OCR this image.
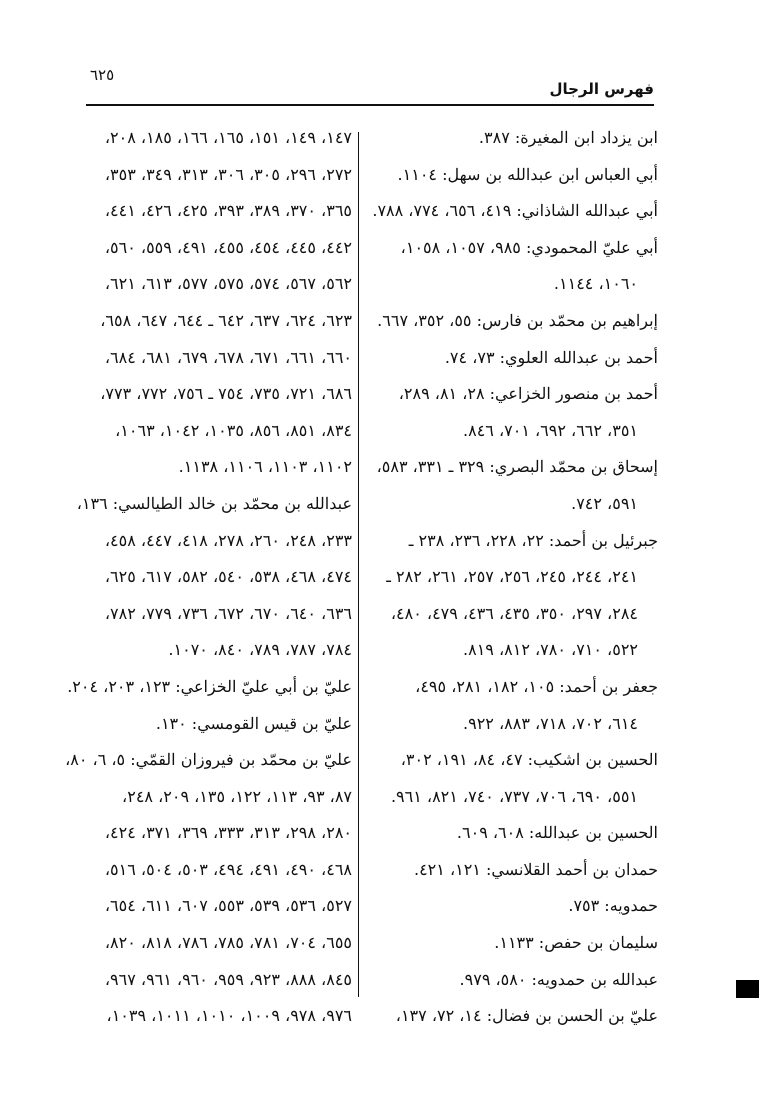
٦٢٥
فهرس الرجال
ابن يزداد ابن المغيرة: ٣٨٧.
أبي العباس ابن عبدالله بن سهل: ١١٠٤.
أبي عبدالله الشاذاني: ٤١٩، ٦٥٦، ٧٧٤، ٧٨٨.
أبي عليّ المحمودي: ٩٨٥، ١٠٥٧، ١٠٥٨،
١٠٦٠، ١١٤٤.
إبراهيم بن محمّد بن فارس: ٥٥، ٣٥٢، ٦٦٧.
أحمد بن عبدالله العلوي: ٧٣، ٧٤.
أحمد بن منصور الخزاعي: ٢٨، ٨١، ٢٨٩،
٣٥١، ٦٦٢، ٦٩٢، ٧٠١، ٨٤٦.
إسحاق بن محمّد البصري: ٣٢٩ ـ ٣٣١، ٥٨٣،
٥٩١، ٧٤٢.
جبرئيل بن أحمد: ٢٢، ٢٢٨، ٢٣٦، ٢٣٨ ـ
٢٤١، ٢٤٤، ٢٤٥، ٢٥٦، ٢٥٧، ٢٦١، ٢٨٢ ـ
٢٨٤، ٢٩٧، ٣٥٠، ٤٣٥، ٤٣٦، ٤٧٩، ٤٨٠،
٥٢٢، ٧١٠، ٧٨٠، ٨١٢، ٨١٩.
جعفر بن أحمد: ١٠٥، ١٨٢، ٢٨١، ٤٩٥،
٦١٤، ٧٠٢، ٧١٨، ٨٨٣، ٩٢٢.
الحسين بن اشكيب: ٤٧، ٨٤، ١٩١، ٣٠٢،
٥٥١، ٦٩٠، ٧٠٦، ٧٣٧، ٧٤٠، ٨٢١، ٩٦١.
الحسين بن عبدالله: ٦٠٨، ٦٠٩.
حمدان بن أحمد القلانسي: ١٢١، ٤٢١.
حمدويه: ٧٥٣.
سليمان بن حفص: ١١٣٣.
عبدالله بن حمدويه: ٥٨٠، ٩٧٩.
عليّ بن الحسن بن فضال: ١٤، ٧٢، ١٣٧،
١٤٧، ١٤٩، ١٥١، ١٦٥، ١٦٦، ١٨٥، ٢٠٨،
٢٧٢، ٢٩٦، ٣٠٥، ٣٠٦، ٣١٣، ٣٤٩، ٣٥٣،
٣٦٥، ٣٧٠، ٣٨٩، ٣٩٣، ٤٢٥، ٤٢٦، ٤٤١،
٤٤٢، ٤٤٥، ٤٥٤، ٤٥٥، ٤٩١، ٥٥٩، ٥٦٠،
٥٦٢، ٥٦٧، ٥٧٤، ٥٧٥، ٥٧٧، ٦١٣، ٦٢١،
٦٢٣، ٦٢٤، ٦٣٧، ٦٤٢ ـ ٦٤٤، ٦٤٧، ٦٥٨،
٦٦٠، ٦٦١، ٦٧١، ٦٧٨، ٦٧٩، ٦٨١، ٦٨٤،
٦٨٦، ٧٢١، ٧٣٥، ٧٥٤ ـ ٧٥٦، ٧٧٢، ٧٧٣،
٨٣٤، ٨٥١، ٨٥٦، ١٠٣٥، ١٠٤٢، ١٠٦٣،
١١٠٢، ١١٠٣، ١١٠٦، ١١٣٨.
عبدالله بن محمّد بن خالد الطيالسي: ١٣٦،
٢٣٣، ٢٤٨، ٢٦٠، ٢٧٨، ٤١٨، ٤٤٧، ٤٥٨،
٤٧٤، ٤٦٨، ٥٣٨، ٥٤٠، ٥٨٢، ٦١٧، ٦٢٥،
٦٣٦، ٦٤٠، ٦٧٠، ٦٧٢، ٧٣٦، ٧٧٩، ٧٨٢،
٧٨٤، ٧٨٧، ٧٨٩، ٨٤٠، ١٠٧٠.
عليّ بن أبي عليّ الخزاعي: ١٢٣، ٢٠٣، ٢٠٤.
عليّ بن قيس القومسي: ١٣٠.
عليّ بن محمّد بن فيروزان القمّي: ٥، ٦، ٨٠،
٨٧، ٩٣، ١١٣، ١٢٢، ١٣٥، ٢٠٩، ٢٤٨،
٢٨٠، ٢٩٨، ٣١٣، ٣٣٣، ٣٦٩، ٣٧١، ٤٢٤،
٤٦٨، ٤٩٠، ٤٩١، ٤٩٤، ٥٠٣، ٥٠٤، ٥١٦،
٥٢٧، ٥٣٦، ٥٣٩، ٥٥٣، ٦٠٧، ٦١١، ٦٥٤،
٦٥٥، ٧٠٤، ٧٨١، ٧٨٥، ٧٨٦، ٨١٨، ٨٢٠،
٨٤٥، ٨٨٨، ٩٢٣، ٩٥٩، ٩٦٠، ٩٦١، ٩٦٧،
٩٧٦، ٩٧٨، ١٠٠٩، ١٠١٠، ١٠١١، ١٠٣٩،
